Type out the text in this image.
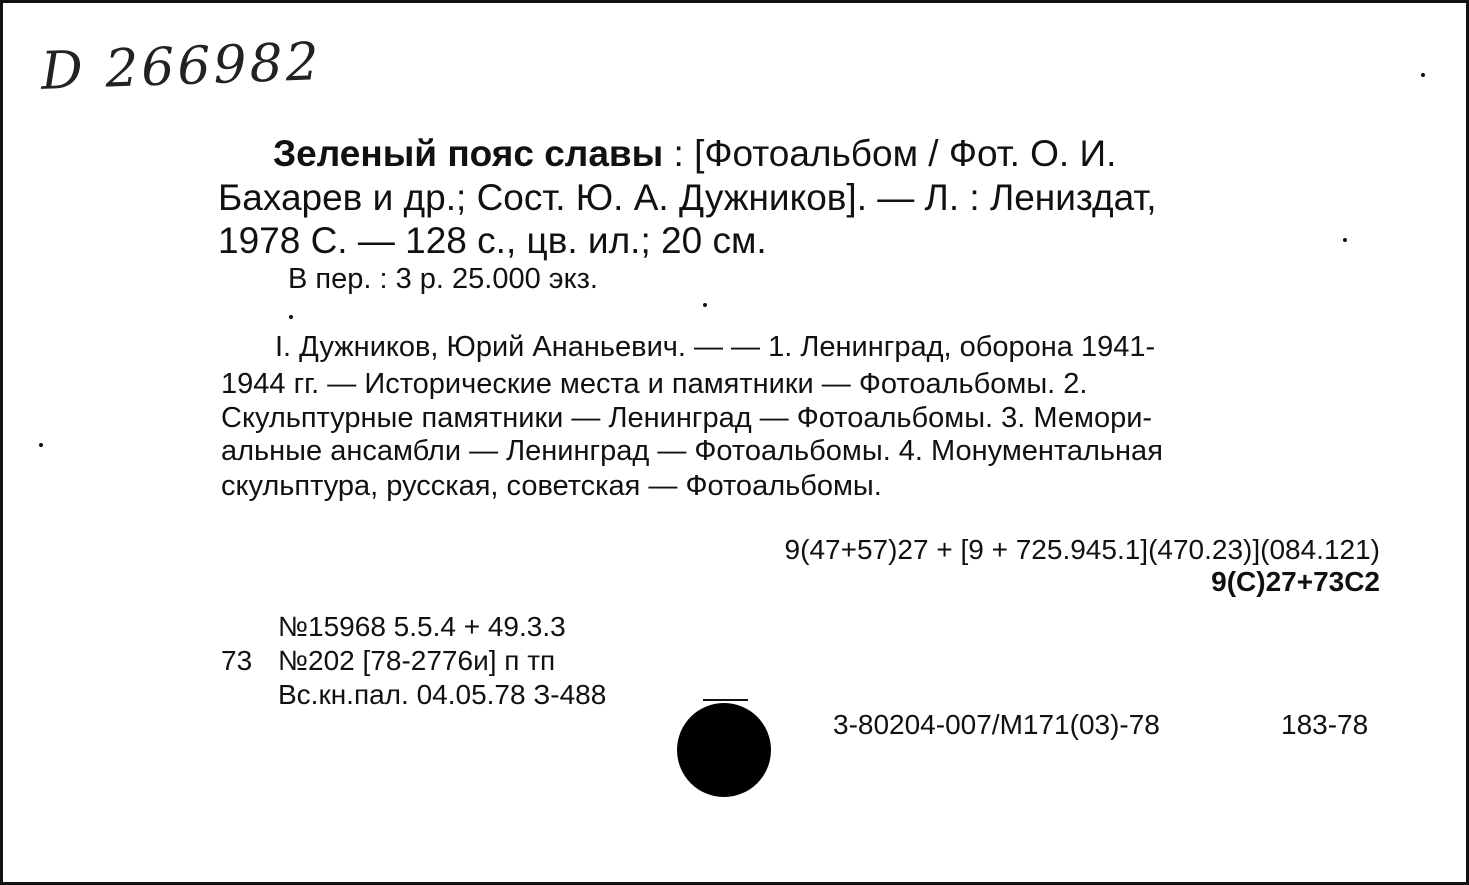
D 266982
Зеленый пояс славы : [Фотоальбом / Фот. О. И.
Бахарев и др.; Сост. Ю. А. Дужников]. — Л. : Лениздат,
1978 С. — 128 с., цв. ил.; 20 см.
В пер. : 3 р. 25.000 экз.
I. Дужников, Юрий Ананьевич. — — 1. Ленинград, оборона 1941-
1944 гг. — Исторические места и памятники — Фотоальбомы. 2.
Скульптурные памятники — Ленинград — Фотоальбомы. 3. Мемори-
альные ансамбли — Ленинград — Фотоальбомы. 4. Монументальная
скульптура, русская, советская — Фотоальбомы.
9(47+57)27 + [9 + 725.945.1](470.23)](084.121)
9(С)27+73С2
№15968 5.5.4 + 49.3.3
73 №202 [78-2776и] п тп
Вс.кн.пал. 04.05.78 З-488
3-80204-007/М171(03)-78	183-78
